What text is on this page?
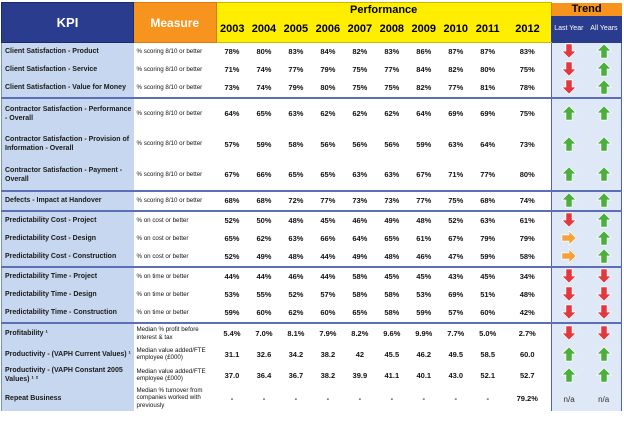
KPI	Measure	Performance										Trend	
		2003	2004	2005	2006	2007	2008	2009	2010	2011	2012	Last Year	All Years
Client Satisfaction - Product	% scoring 8/10 or better	78%	80%	83%	84%	82%	83%	86%	87%	87%	83%		
Client Satisfaction - Service	% scoring 8/10 or better	71%	74%	77%	79%	75%	77%	84%	82%	80%	75%		
Client Satisfaction - Value for Money	% scoring 8/10 or better	73%	74%	79%	80%	75%	75%	82%	77%	81%	78%		
Contractor Satisfaction - Performance - Overall	% scoring 8/10 or better	64%	65%	63%	62%	62%	62%	64%	69%	69%	75%		
Contractor Satisfaction - Provision of Information - Overall	% scoring 8/10 or better	57%	59%	58%	56%	56%	56%	59%	63%	64%	73%		
Contractor Satisfaction - Payment - Overall	% scoring 8/10 or better	67%	66%	65%	65%	63%	63%	67%	71%	77%	80%		
Defects - Impact at Handover	% scoring 8/10 or better	68%	68%	72%	77%	73%	73%	77%	75%	68%	74%		
Predictability Cost - Project	% on cost or better	52%	50%	48%	45%	46%	49%	48%	52%	63%	61%		
Predictability Cost - Design	% on cost or better	65%	62%	63%	66%	64%	65%	61%	67%	79%	79%		
Predictability Cost - Construction	% on cost or better	52%	49%	48%	44%	49%	48%	46%	47%	59%	58%		
Predictability Time - Project	% on time or better	44%	44%	46%	44%	58%	45%	45%	43%	45%	34%		
Predictability Time - Design	% on time or better	53%	55%	52%	57%	58%	58%	53%	69%	51%	48%		
Predictability Time - Construction	% on time or better	59%	60%	62%	60%	65%	58%	59%	57%	60%	42%		
Profitability ¹	Median % profit before interest & tax	5.4%	7.0%	8.1%	7.9%	8.2%	9.6%	9.9%	7.7%	5.0%	2.7%		
Productivity - (VAPH Current Values) ¹	Median value added/FTE employee (£000)	31.1	32.6	34.2	38.2	42	45.5	46.2	49.5	58.5	60.0		
Productivity - (VAPH Constant 2005 Values) ¹ ²	Median value added/FTE employee (£000)	37.0	36.4	36.7	38.2	39.9	41.1	40.1	43.0	52.1	52.7		
Repeat Business	Median % turnover from companies worked with previously	-	-	-	-	-	-	-	-	-	79.2%	n/a	n/a
